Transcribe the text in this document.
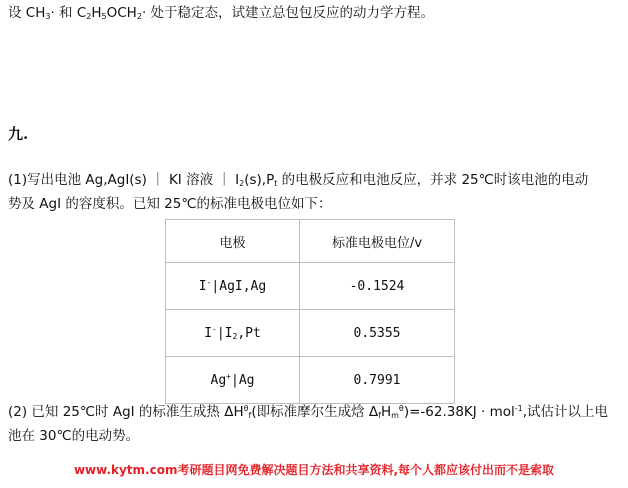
设 $CH_3\cdot$ 和 $C_2H_5OCH_2\cdot$ 处于稳定态，试建立总包包反应的动力学方程。
九.
(1)写出电池 Ag,AgI(s) ｜ KI 溶液 ｜ $I_2(s),P_t$ 的电极反应和电池反应，并求 25℃时该电池的电动
势及 AgI 的容度积。已知 25℃的标准电极电位如下：
电极	标准电极电位/v
I-|AgI,Ag	-0.1524
$I^-|I_2,Pt$	0.5355
Ag+|Ag	0.7991
(2) 已知 25℃时 AgI 的标准生成热 $\Delta H^\theta_f$(即标准摩尔生成焓 $\Delta_fH_m^\theta)=-62.38KJ \cdot mol^{-1}$,试估计以上电
池在 30℃的电动势。
www.kytm.com考研题目网免费解决题目方法和共享资料,每个人都应该付出而不是索取
